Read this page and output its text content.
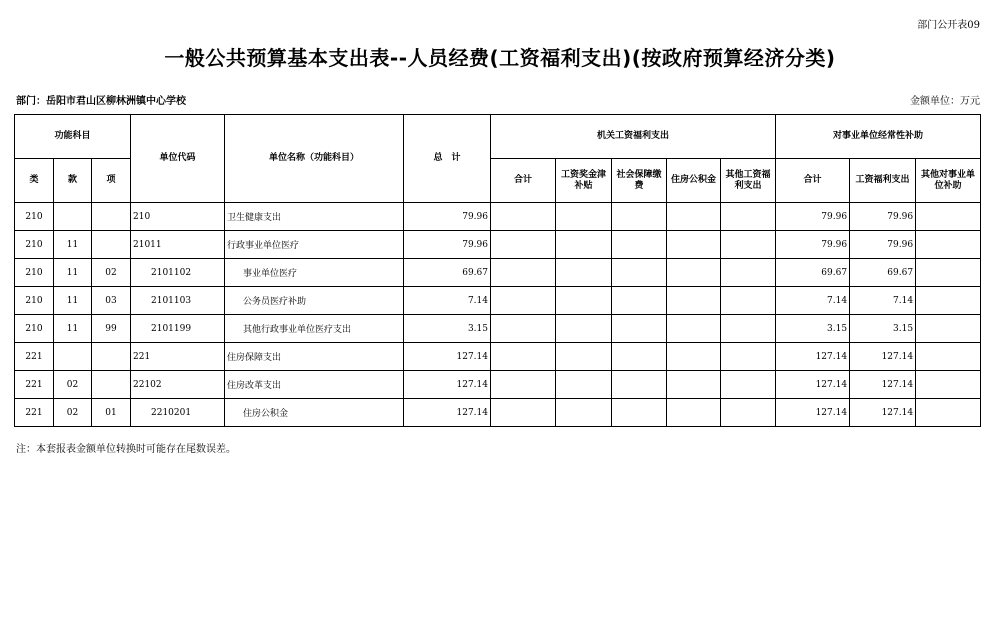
部门公开表09
一般公共预算基本支出表--人员经费(工资福利支出)(按政府预算经济分类)
部门：岳阳市君山区柳林洲镇中心学校	金额单位：万元
功能科目			单位代码	单位名称（功能科目）	总　计	机关工资福利支出					对事业单位经常性补助		
类	款	项				合计	工资奖金津补贴	社会保障缴费	住房公积金	其他工资福利支出	合计	工资福利支出	其他对事业单位补助
210			210	卫生健康支出	79.96						79.96	79.96	
210	11		21011	行政事业单位医疗	79.96						79.96	79.96	
210	11	02	2101102	事业单位医疗	69.67						69.67	69.67	
210	11	03	2101103	公务员医疗补助	7.14						7.14	7.14	
210	11	99	2101199	其他行政事业单位医疗支出	3.15						3.15	3.15	
221			221	住房保障支出	127.14						127.14	127.14	
221	02		22102	住房改革支出	127.14						127.14	127.14	
221	02	01	2210201	住房公积金	127.14						127.14	127.14	
注：本套报表金额单位转换时可能存在尾数误差。
